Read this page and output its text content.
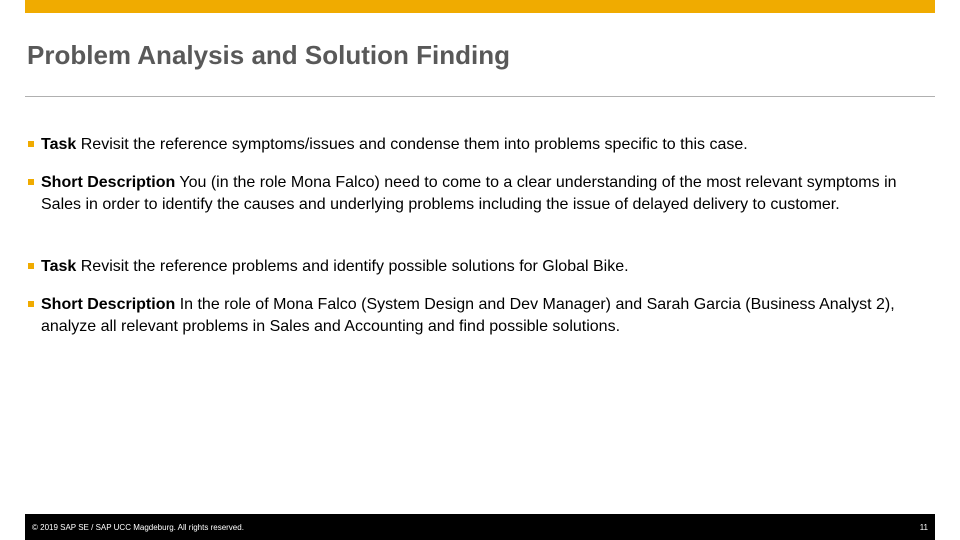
Problem Analysis and Solution Finding
Task Revisit the reference symptoms/issues and condense them into problems specific to this case.
Short Description You (in the role Mona Falco) need to come to a clear understanding of the most relevant symptoms in Sales in order to identify the causes and underlying problems including the issue of delayed delivery to customer.
Task Revisit the reference problems and identify possible solutions for Global Bike.
Short Description In the role of Mona Falco (System Design and Dev Manager) and Sarah Garcia (Business Analyst 2), analyze all relevant problems in Sales and Accounting and find possible solutions.
© 2019 SAP SE / SAP UCC Magdeburg. All rights reserved.	11
